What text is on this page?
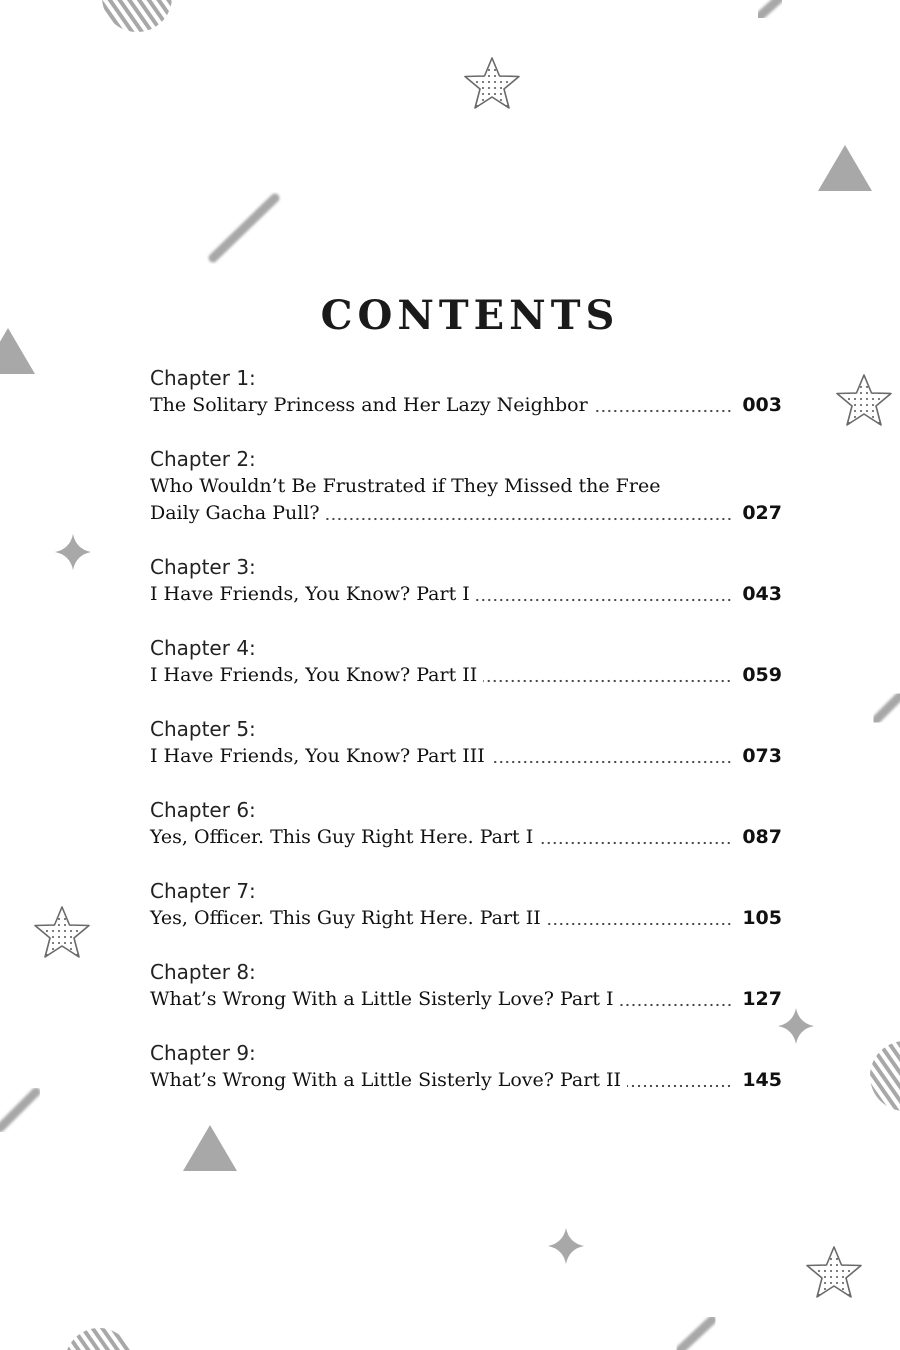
CONTENTS
Chapter 1:
The Solitary Princess and Her Lazy Neighbor	003
Chapter 2:
Who Wouldn’t Be Frustrated if They Missed the Free
Daily Gacha Pull?	027
Chapter 3:
I Have Friends, You Know? Part I	043
Chapter 4:
I Have Friends, You Know? Part II	059
Chapter 5:
I Have Friends, You Know? Part III	073
Chapter 6:
Yes, Officer. This Guy Right Here. Part I	087
Chapter 7:
Yes, Officer. This Guy Right Here. Part II	105
Chapter 8:
What’s Wrong With a Little Sisterly Love? Part I	127
Chapter 9:
What’s Wrong With a Little Sisterly Love? Part II	145
